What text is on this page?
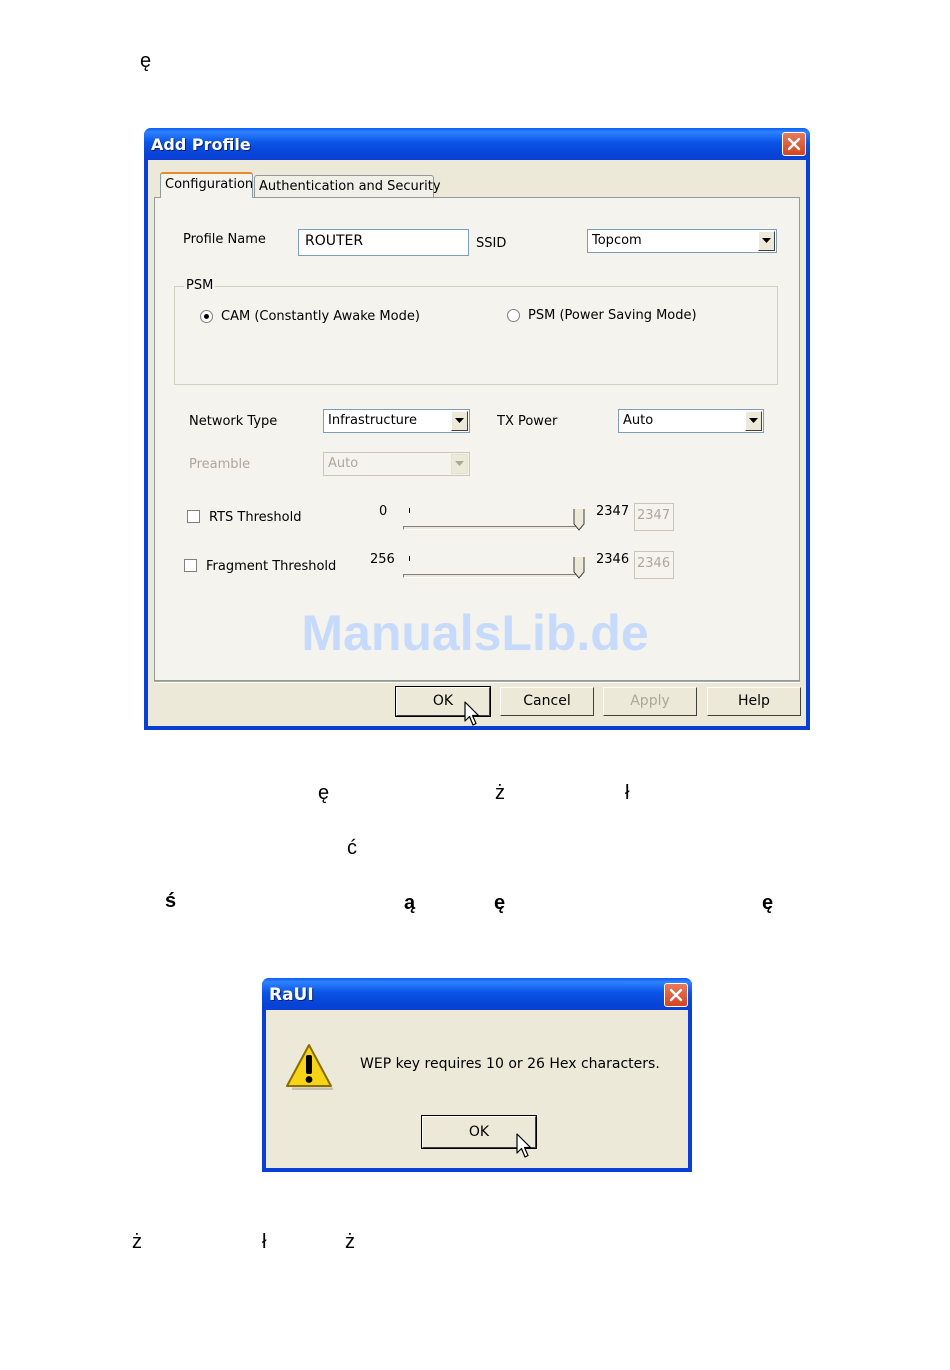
ę
ę	ż	ł
ć
ś	ą	ę	ę
ż	ł	ż
Add Profile
Configuration Authentication and Security
Profile Name	ROUTER	SSID	Topcom
PSM
CAM (Constantly Awake Mode)	PSM (Power Saving Mode)
Network Type	Infrastructure	TX Power	Auto
Preamble	Auto
RTS Threshold	0	2347 2347
Fragment Threshold	256	2346 2346
OK	Cancel	Apply	Help
ManualsLib.de
RaUI
WEP key requires 10 or 26 Hex characters.
OK
